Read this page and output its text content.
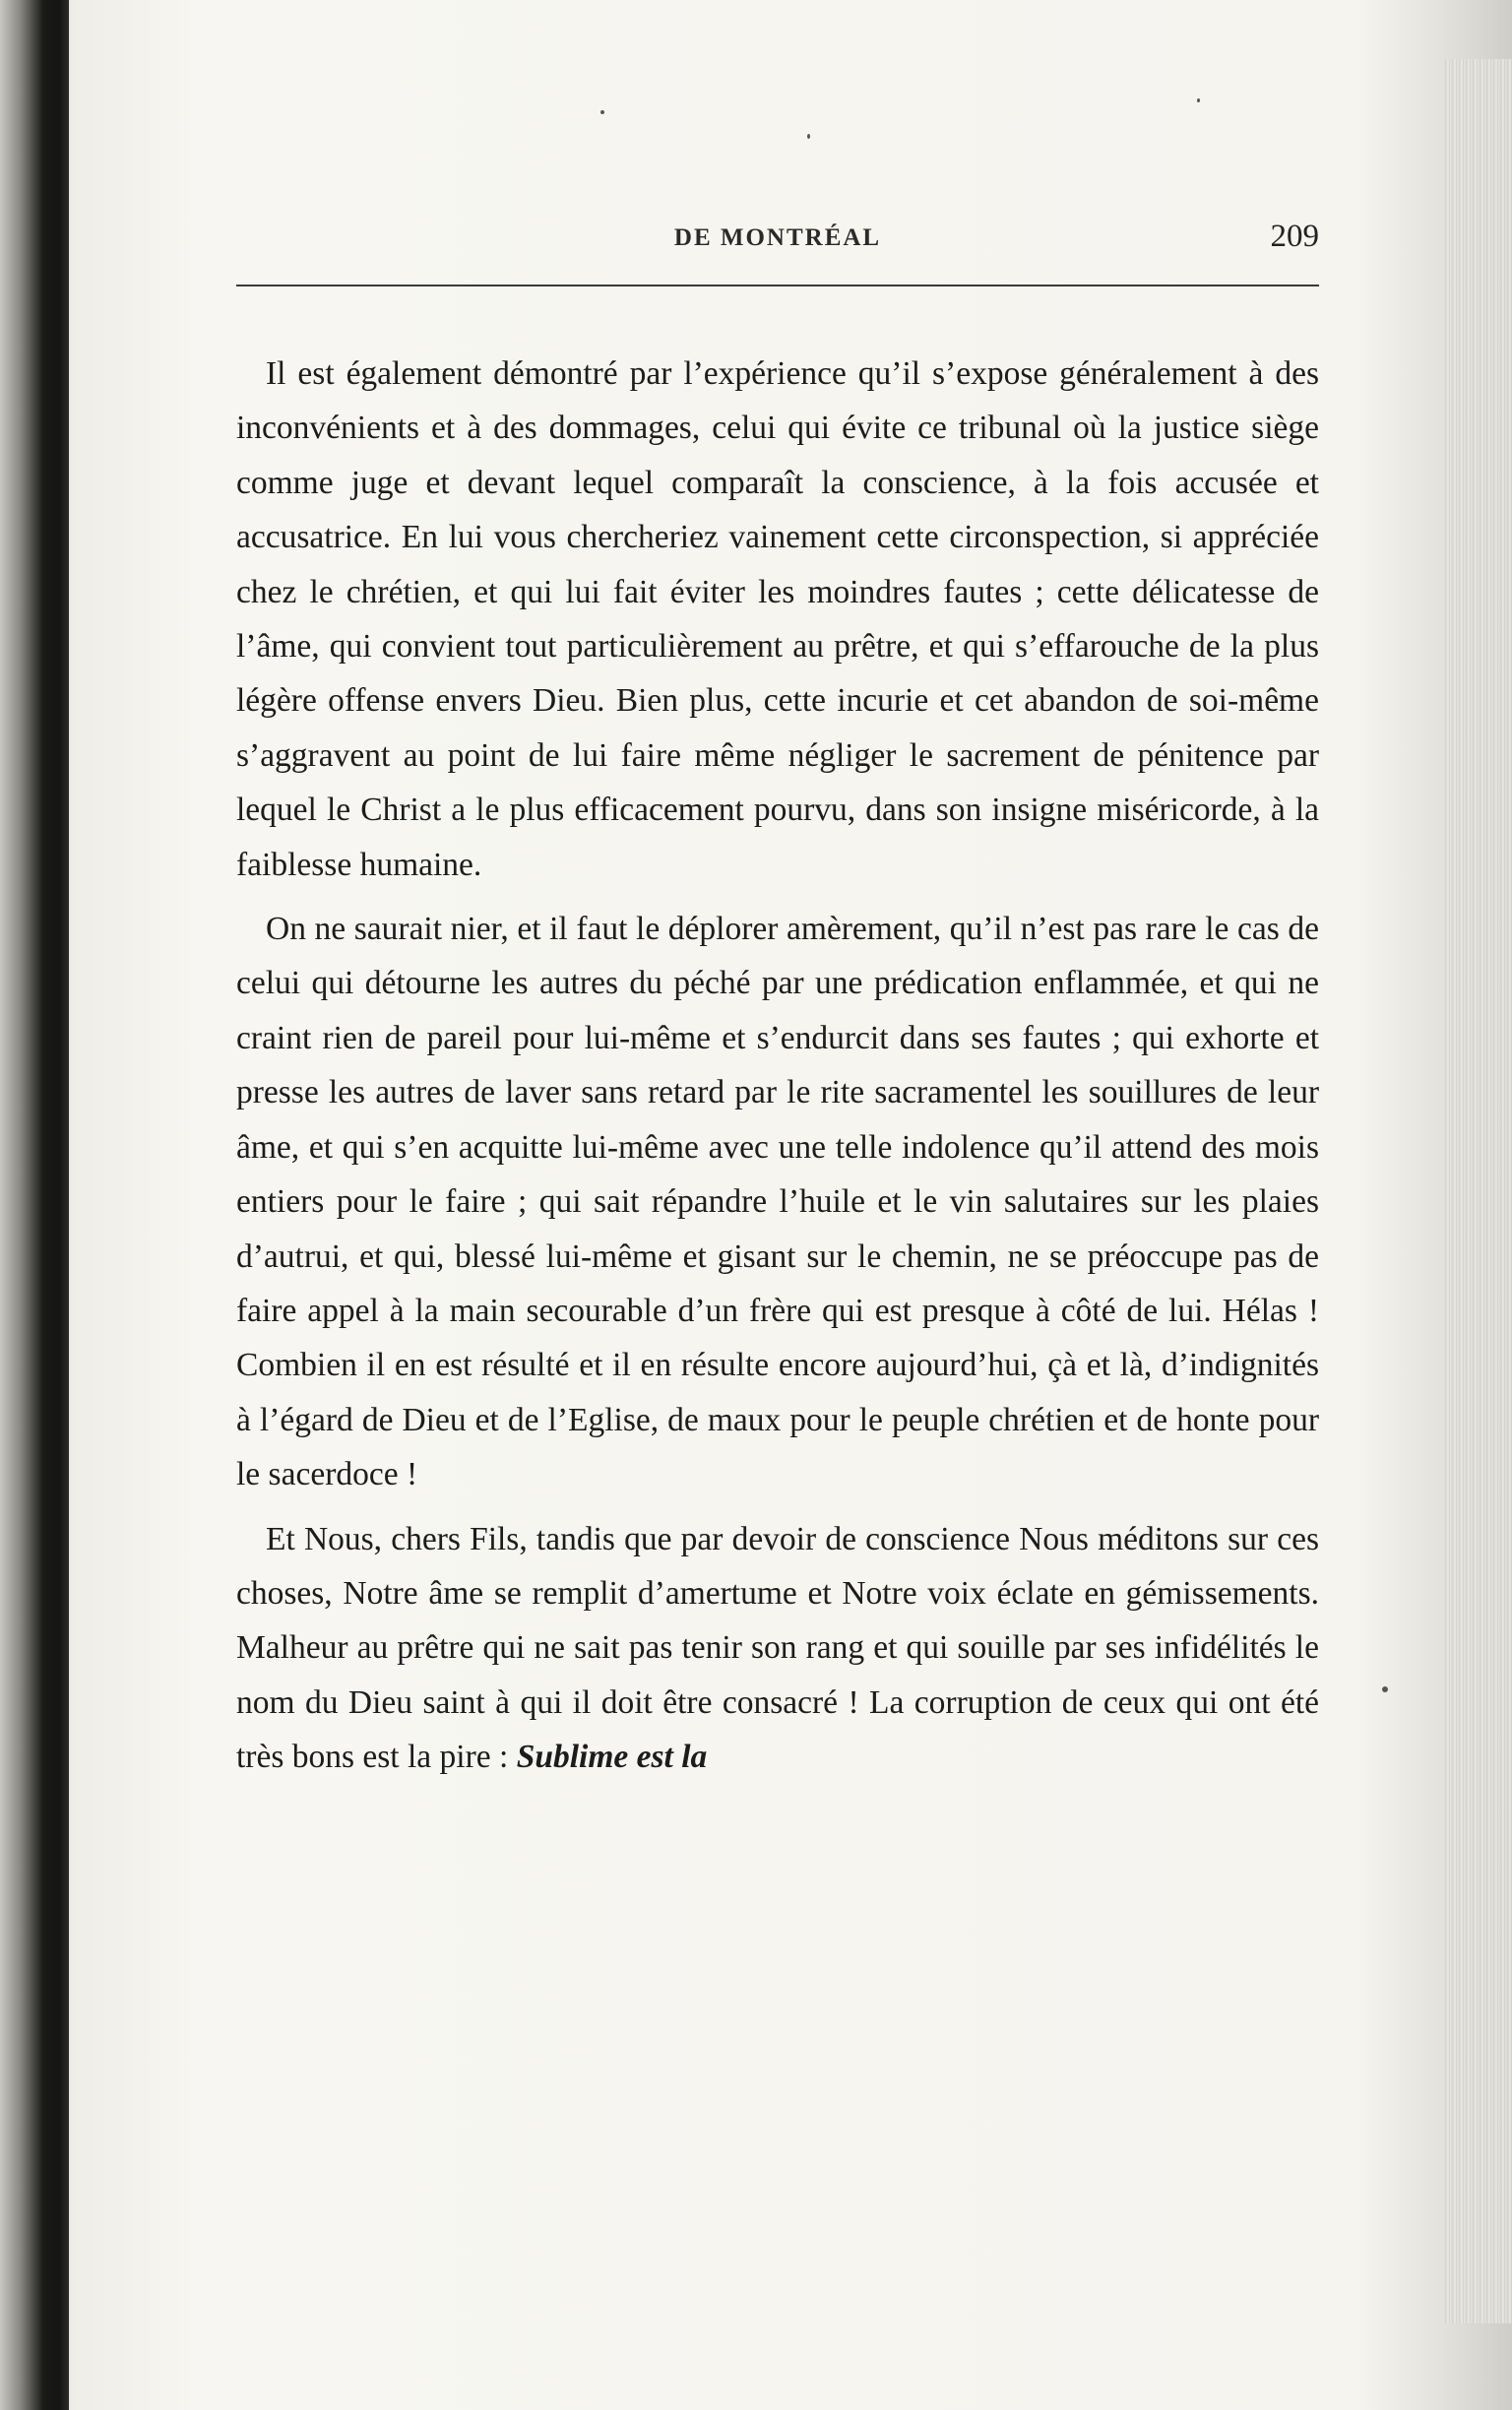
DE MONTRÉAL	209

Il est également démontré par l’expérience qu’il s’expose généralement à des inconvénients et à des dommages, celui qui évite ce tribunal où la justice siège comme juge et devant lequel comparaît la conscience, à la fois accusée et accusatrice. En lui vous chercheriez vainement cette circonspection, si appréciée chez le chrétien, et qui lui fait éviter les moindres fautes ; cette délicatesse de l’âme, qui convient tout particulièrement au prêtre, et qui s’effarouche de la plus légère offense envers Dieu. Bien plus, cette incurie et cet abandon de soi-même s’aggravent au point de lui faire même négliger le sacrement de pénitence par lequel le Christ a le plus efficacement pourvu, dans son insigne miséricorde, à la faiblesse humaine.

On ne saurait nier, et il faut le déplorer amèrement, qu’il n’est pas rare le cas de celui qui détourne les autres du péché par une prédication enflammée, et qui ne craint rien de pareil pour lui-même et s’endurcit dans ses fautes ; qui exhorte et presse les autres de laver sans retard par le rite sacramentel les souillures de leur âme, et qui s’en acquitte lui-même avec une telle indolence qu’il attend des mois entiers pour le faire ; qui sait répandre l’huile et le vin salutaires sur les plaies d’autrui, et qui, blessé lui-même et gisant sur le chemin, ne se préoccupe pas de faire appel à la main secourable d’un frère qui est presque à côté de lui. Hélas ! Combien il en est résulté et il en résulte encore aujourd’hui, çà et là, d’indignités à l’égard de Dieu et de l’Eglise, de maux pour le peuple chrétien et de honte pour le sacerdoce !

Et Nous, chers Fils, tandis que par devoir de conscience Nous méditons sur ces choses, Notre âme se remplit d’amertume et Notre voix éclate en gémissements. Malheur au prêtre qui ne sait pas tenir son rang et qui souille par ses infidélités le nom du Dieu saint à qui il doit être consacré ! La corruption de ceux qui ont été très bons est la pire : Sublime est la
